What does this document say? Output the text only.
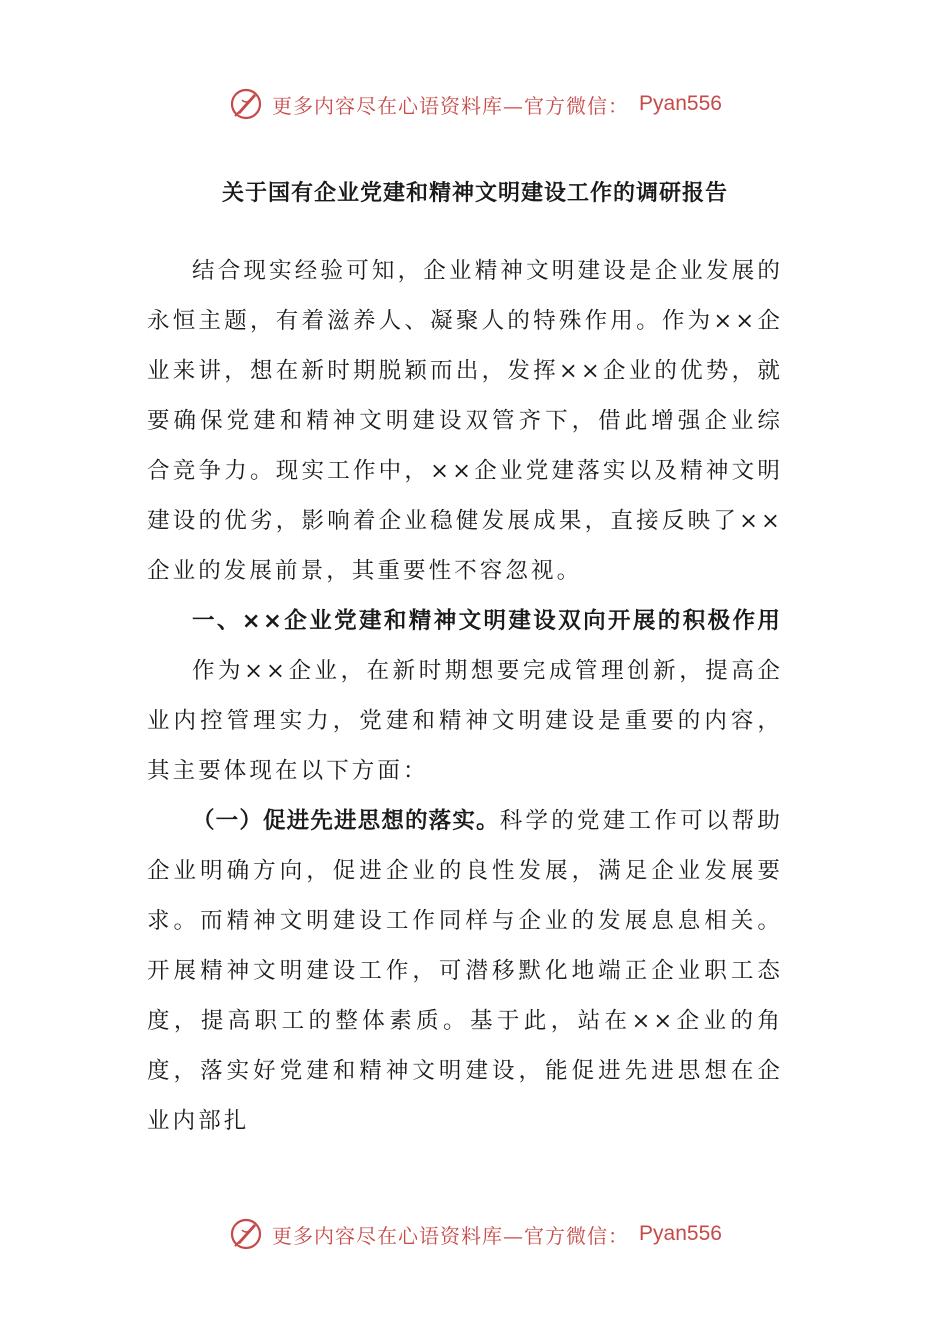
更多内容尽在心语资料库—官方微信： Pyan556
关于国有企业党建和精神文明建设工作的调研报告

结合现实经验可知，企业精神文明建设是企业发展的永恒主题，有着滋养人、凝聚人的特殊作用。作为××企业来讲，想在新时期脱颖而出，发挥××企业的优势，就要确保党建和精神文明建设双管齐下，借此增强企业综合竞争力。现实工作中，××企业党建落实以及精神文明建设的优劣，影响着企业稳健发展成果，直接反映了××企业的发展前景，其重要性不容忽视。

一、××企业党建和精神文明建设双向开展的积极作用

作为××企业，在新时期想要完成管理创新，提高企业内控管理实力，党建和精神文明建设是重要的内容，其主要体现在以下方面：

（一）促进先进思想的落实。科学的党建工作可以帮助企业明确方向，促进企业的良性发展，满足企业发展要求。而精神文明建设工作同样与企业的发展息息相关。开展精神文明建设工作，可潜移默化地端正企业职工态度，提高职工的整体素质。基于此，站在××企业的角度，落实好党建和精神文明建设，能促进先进思想在企业内部扎

更多内容尽在心语资料库—官方微信： Pyan556
